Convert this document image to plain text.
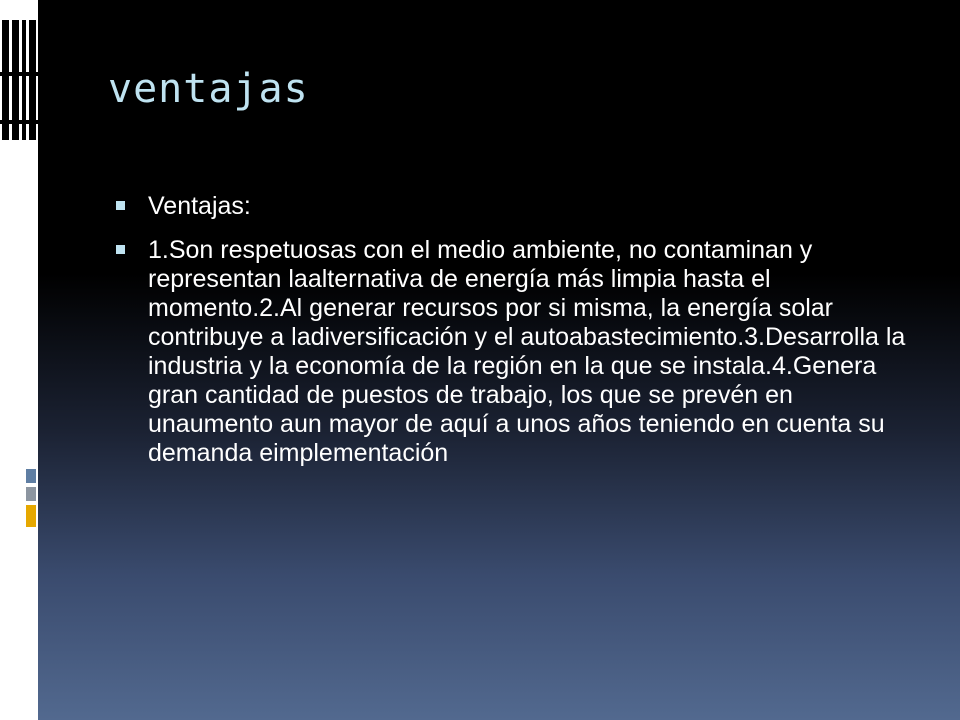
ventajas
Ventajas:
1.Son respetuosas con el medio ambiente, no contaminan y representan laalternativa de energía más limpia hasta el momento.2.Al generar recursos por si misma, la energía solar contribuye a ladiversificación y el autoabastecimiento.3.Desarrolla la industria y la economía de la región en la que se instala.4.Genera gran cantidad de puestos de trabajo, los que se prevén en unaumento aun mayor de aquí a unos años teniendo en cuenta su demanda eimplementación
